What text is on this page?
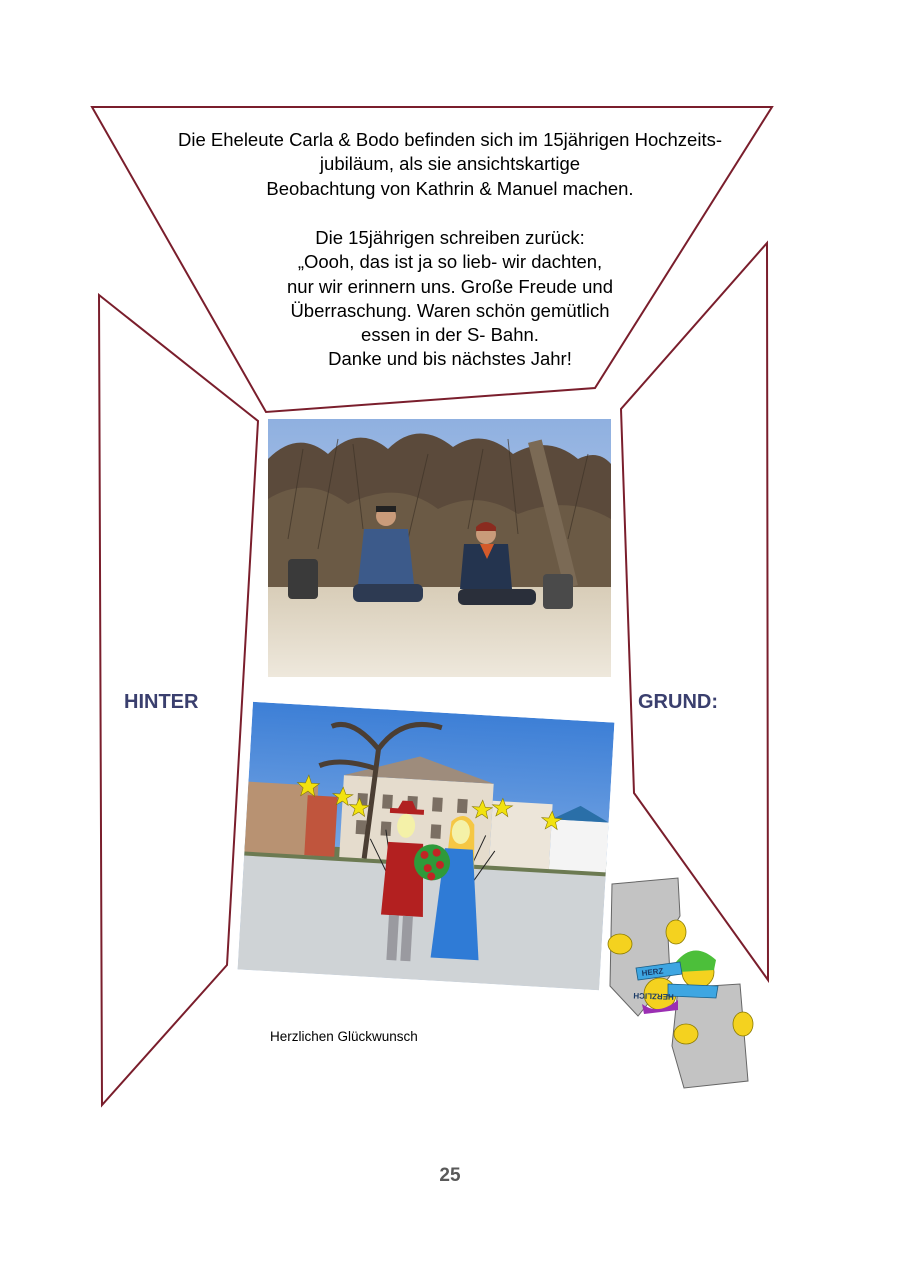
Die Eheleute Carla & Bodo befinden sich im 15jährigen Hochzeits-
jubiläum, als sie ansichtskartige
Beobachtung von Kathrin & Manuel machen.
Die 15jährigen schreiben zurück:
„Oooh, das ist ja so lieb- wir dachten,
nur wir erinnern uns. Große Freude und
Überraschung. Waren schön gemütlich
essen in der S- Bahn.
Danke und bis nächstes Jahr!
HINTER	GRUND:
Herzlichen Glückwunsch
HERZ
HERZLICH
25
